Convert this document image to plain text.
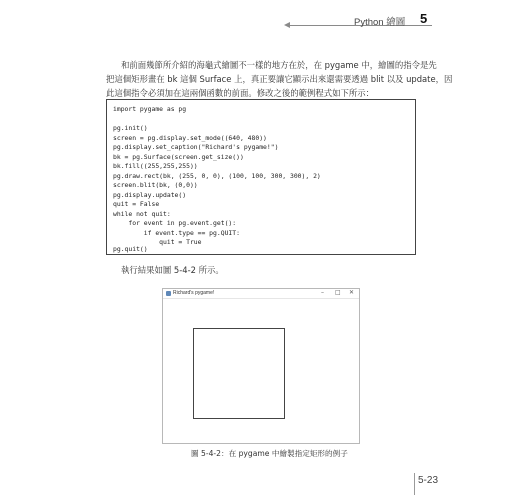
Python 繪圖 5
和前面幾節所介紹的海龜式繪圖不一樣的地方在於，在 pygame 中，繪圖的指令是先
把這個矩形畫在 bk 這個 Surface 上，真正要讓它顯示出來還需要透過 blit 以及 update，因
此這個指令必須加在這兩個函數的前面。修改之後的範例程式如下所示：
import pygame as pg
pg.init()
screen = pg.display.set_mode((640, 480))
pg.display.set_caption("Richard's pygame!")
bk = pg.Surface(screen.get_size())
bk.fill((255,255,255))
pg.draw.rect(bk, (255, 0, 0), (100, 100, 300, 300), 2)
screen.blit(bk, (0,0))
pg.display.update()
quit = False
while not quit:
for event in pg.event.get():
if event.type == pg.QUIT:
quit = True
pg.quit()
執行結果如圖 5-4-2 所示。
Richard's pygame!	– □ ✕
圖 5-4-2：在 pygame 中繪製指定矩形的例子
5-23
